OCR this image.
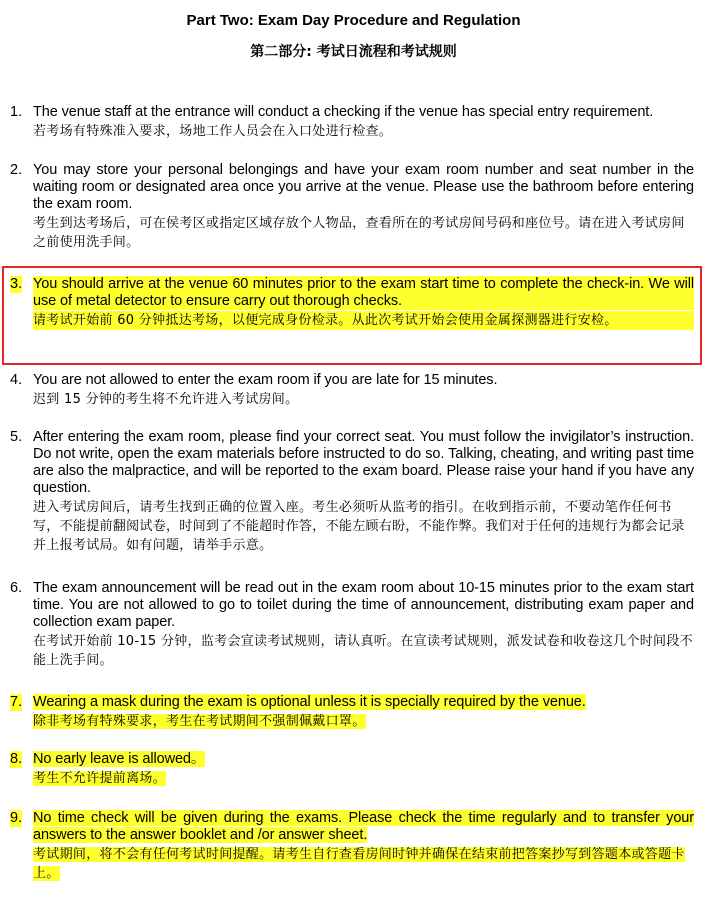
Part Two: Exam Day Procedure and Regulation
第二部分: 考试日流程和考试规则
1. The venue staff at the entrance will conduct a checking if the venue has special entry requirement.
若考场有特殊准入要求，场地工作人员会在入口处进行检查。
2. You may store your personal belongings and have your exam room number and seat number in the waiting room or designated area once you arrive at the venue. Please use the bathroom before entering the exam room.
考生到达考场后，可在侯考区或指定区域存放个人物品，查看所在的考试房间号码和座位号。请在进入考试房间之前使用洗手间。
3. You should arrive at the venue 60 minutes prior to the exam start time to complete the check-in. We will use of metal detector to ensure carry out thorough checks.
请考试开始前 60 分钟抵达考场，以便完成身份检录。从此次考试开始会使用金属探测器进行安检。
4. You are not allowed to enter the exam room if you are late for 15 minutes.
迟到 15 分钟的考生将不允许进入考试房间。
5. After entering the exam room, please find your correct seat. You must follow the invigilator’s instruction. Do not write, open the exam materials before instructed to do so. Talking, cheating, and writing past time are also the malpractice, and will be reported to the exam board. Please raise your hand if you have any question.
进入考试房间后，请考生找到正确的位置入座。考生必须听从监考的指引。在收到指示前，不要动笔作任何书写，不能提前翻阅试卷，时间到了不能超时作答，不能左顾右盼，不能作弊。我们对于任何的违规行为都会记录并上报考试局。如有问题，请举手示意。
6. The exam announcement will be read out in the exam room about 10-15 minutes prior to the exam start time. You are not allowed to go to toilet during the time of announcement, distributing exam paper and collection exam paper.
在考试开始前 10-15 分钟，监考会宣读考试规则，请认真听。在宣读考试规则，派发试卷和收卷这几个时间段不能上洗手间。
7. Wearing a mask during the exam is optional unless it is specially required by the venue.
除非考场有特殊要求，考生在考试期间不强制佩戴口罩。
8. No early leave is allowed。
考生不允许提前离场。
9. No time check will be given during the exams. Please check the time regularly and to transfer your answers to the answer booklet and /or answer sheet.
考试期间，将不会有任何考试时间提醒。请考生自行查看房间时钟并确保在结束前把答案抄写到答题本或答题卡上。
